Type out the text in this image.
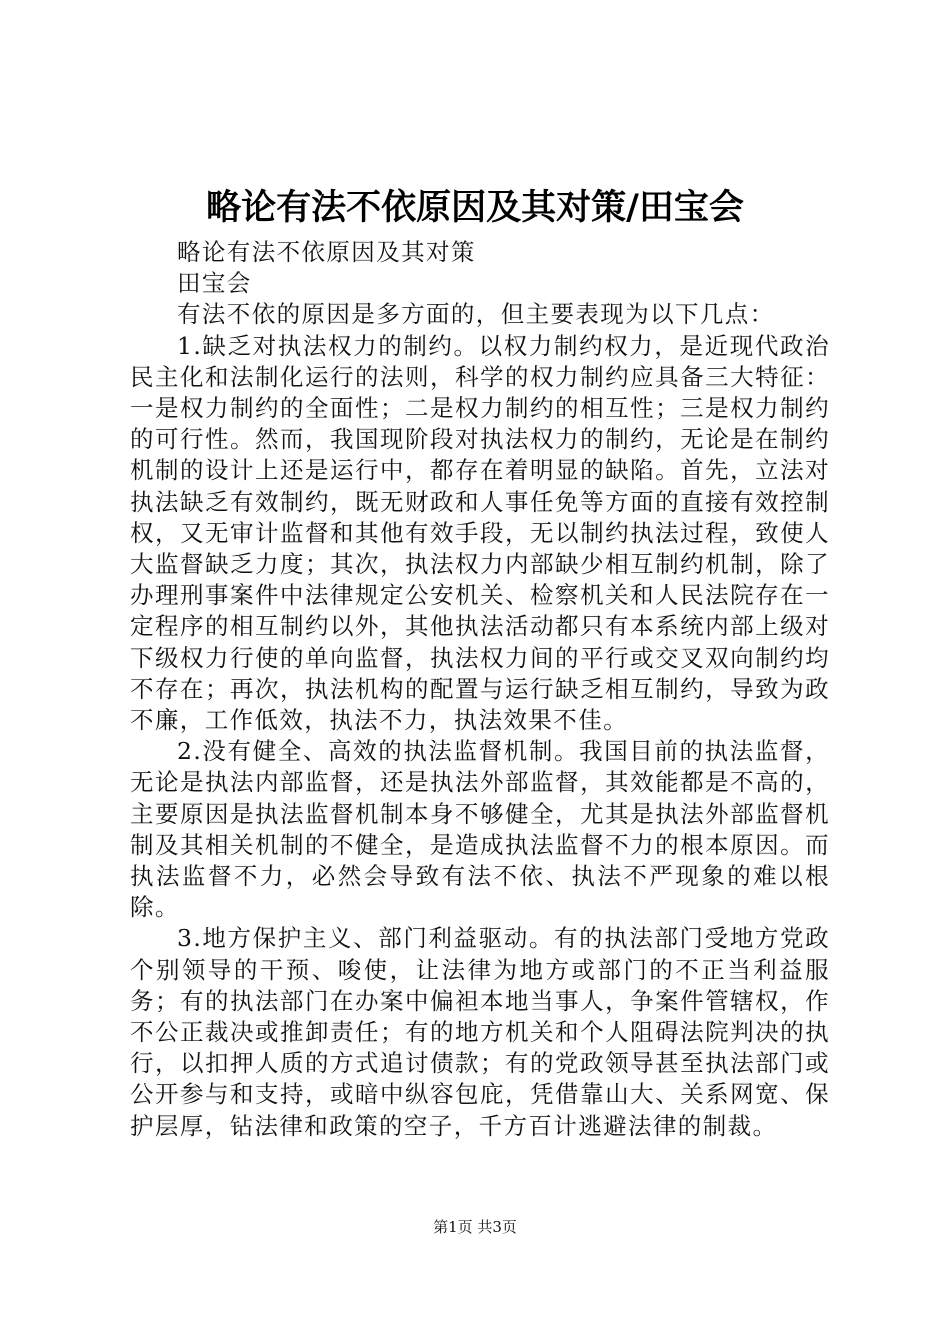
略论有法不依原因及其对策/田宝会

略论有法不依原因及其对策

田宝会

有法不依的原因是多方面的，但主要表现为以下几点：

1.缺乏对执法权力的制约。以权力制约权力，是近现代政治民主化和法制化运行的法则，科学的权力制约应具备三大特征：一是权力制约的全面性；二是权力制约的相互性；三是权力制约的可行性。然而，我国现阶段对执法权力的制约，无论是在制约机制的设计上还是运行中，都存在着明显的缺陷。首先，立法对执法缺乏有效制约，既无财政和人事任免等方面的直接有效控制权，又无审计监督和其他有效手段，无以制约执法过程，致使人大监督缺乏力度；其次，执法权力内部缺少相互制约机制，除了办理刑事案件中法律规定公安机关、检察机关和人民法院存在一定程序的相互制约以外，其他执法活动都只有本系统内部上级对下级权力行使的单向监督，执法权力间的平行或交叉双向制约均不存在；再次，执法机构的配置与运行缺乏相互制约，导致为政不廉，工作低效，执法不力，执法效果不佳。

2.没有健全、高效的执法监督机制。我国目前的执法监督，无论是执法内部监督，还是执法外部监督，其效能都是不高的，主要原因是执法监督机制本身不够健全，尤其是执法外部监督机制及其相关机制的不健全，是造成执法监督不力的根本原因。而执法监督不力，必然会导致有法不依、执法不严现象的难以根除。

3.地方保护主义、部门利益驱动。有的执法部门受地方党政个别领导的干预、唆使，让法律为地方或部门的不正当利益服务；有的执法部门在办案中偏袒本地当事人，争案件管辖权，作不公正裁决或推卸责任；有的地方机关和个人阻碍法院判决的执行，以扣押人质的方式追讨债款；有的党政领导甚至执法部门或公开参与和支持，或暗中纵容包庇，凭借靠山大、关系网宽、保护层厚，钻法律和政策的空子，千方百计逃避法律的制裁。

第1页 共3页
